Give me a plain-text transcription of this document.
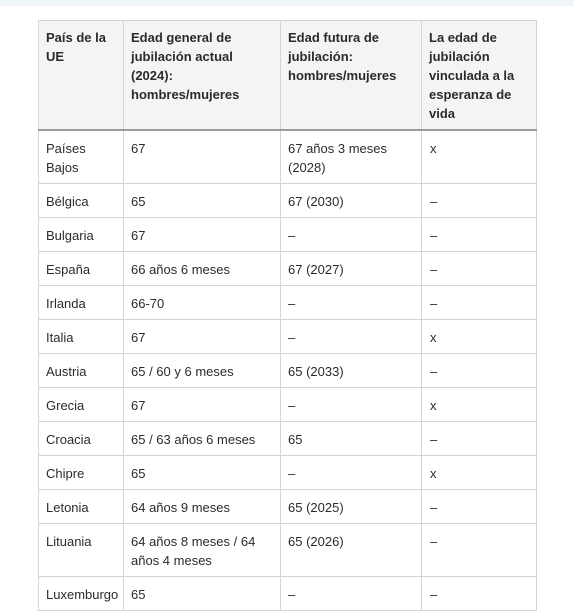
País de la UE	Edad general de jubilación actual (2024): hombres/mujeres	Edad futura de jubilación: hombres/mujeres	La edad de jubilación vinculada a la esperanza de vida
Países Bajos	67	67 años 3 meses (2028)	x
Bélgica	65	67 (2030)	–
Bulgaria	67	–	–
España	66 años 6 meses	67 (2027)	–
Irlanda	66-70	–	–
Italia	67	–	x
Austria	65 / 60 y 6 meses	65 (2033)	–
Grecia	67	–	x
Croacia	65 / 63 años 6 meses	65	–
Chipre	65	–	x
Letonia	64 años 9 meses	65 (2025)	–
Lituania	64 años 8 meses / 64 años 4 meses	65 (2026)	–
Luxemburgo	65	–	–
